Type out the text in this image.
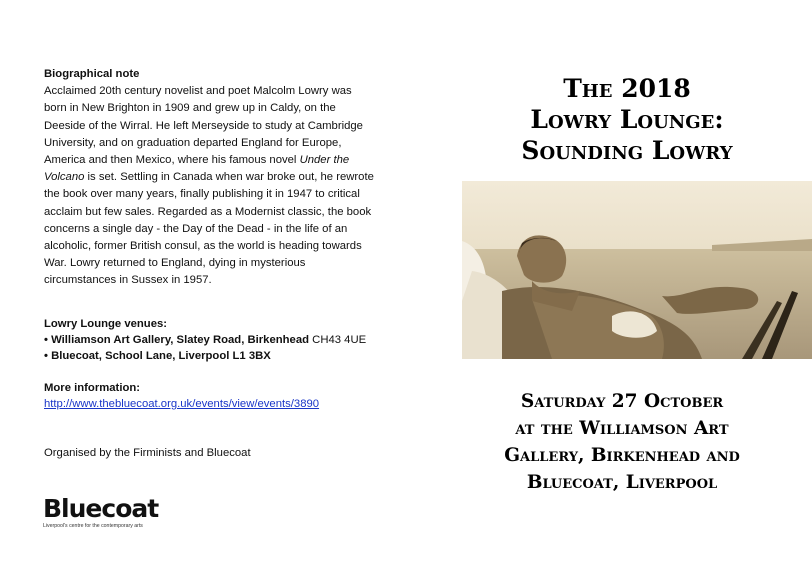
Biographical note

Acclaimed 20th century novelist and poet Malcolm Lowry was born in New Brighton in 1909 and grew up in Caldy, on the Deeside of the Wirral. He left Merseyside to study at Cambridge University, and on graduation departed England for Europe, America and then Mexico, where his famous novel Under the Volcano is set. Settling in Canada when war broke out, he rewrote the book over many years, finally publishing it in 1947 to critical acclaim but few sales. Regarded as a Modernist classic, the book concerns a single day - the Day of the Dead - in the life of an alcoholic, former British consul, as the world is heading towards War. Lowry returned to England, dying in mysterious circumstances in Sussex in 1957.

Lowry Lounge venues:
• Williamson Art Gallery, Slatey Road, Birkenhead CH43 4UE
• Bluecoat, School Lane, Liverpool L1 3BX
More information:
http://www.thebluecoat.org.uk/events/view/events/3890
Organised by the Firminists and Bluecoat
Bluecoat
Liverpool's centre for the contemporary arts
The 2018
Lowry Lounge:
Sounding Lowry
Saturday 27 October
at the Williamson Art
Gallery, Birkenhead and
Bluecoat, Liverpool
